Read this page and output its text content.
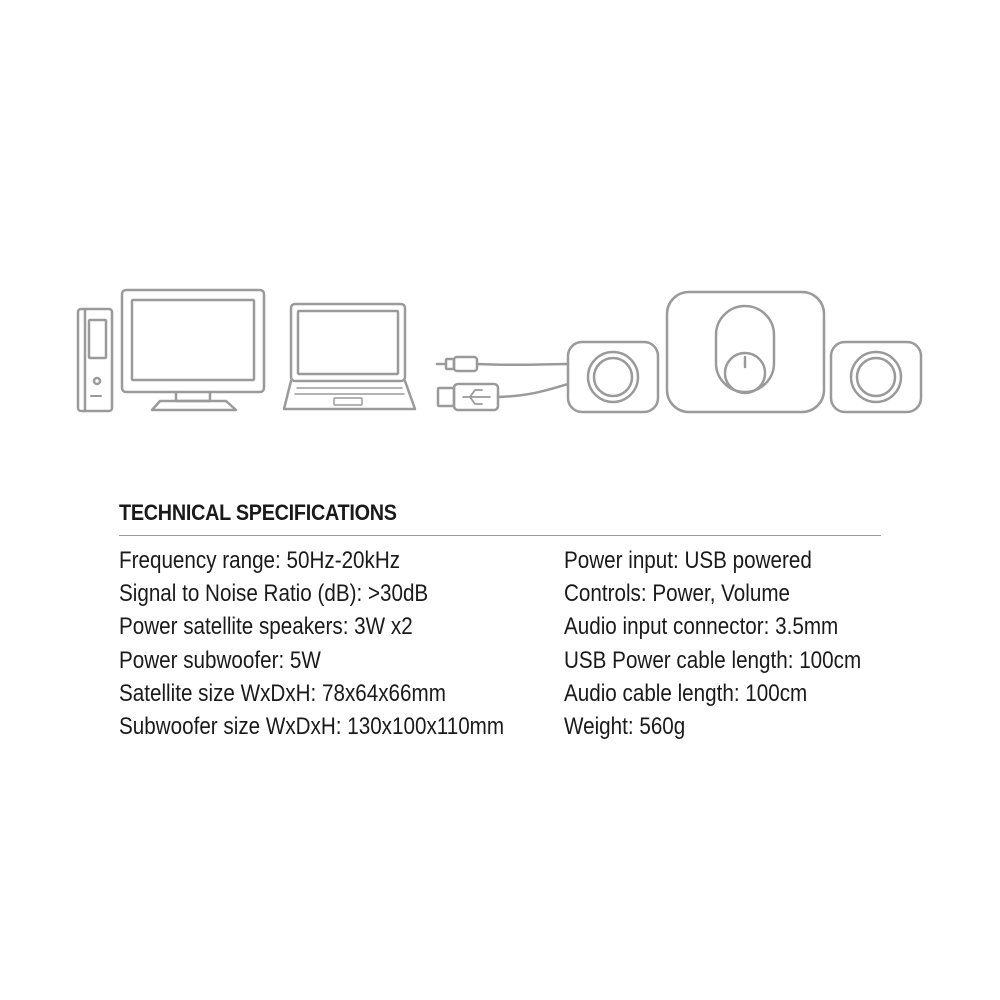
TECHNICAL SPECIFICATIONS
Frequency range: 50Hz-20kHz
Signal to Noise Ratio (dB): >30dB
Power satellite speakers: 3W x2
Power subwoofer: 5W
Satellite size WxDxH: 78x64x66mm
Subwoofer size WxDxH: 130x100x110mm
Power input: USB powered
Controls: Power, Volume
Audio input connector: 3.5mm
USB Power cable length: 100cm
Audio cable length: 100cm
Weight: 560g
